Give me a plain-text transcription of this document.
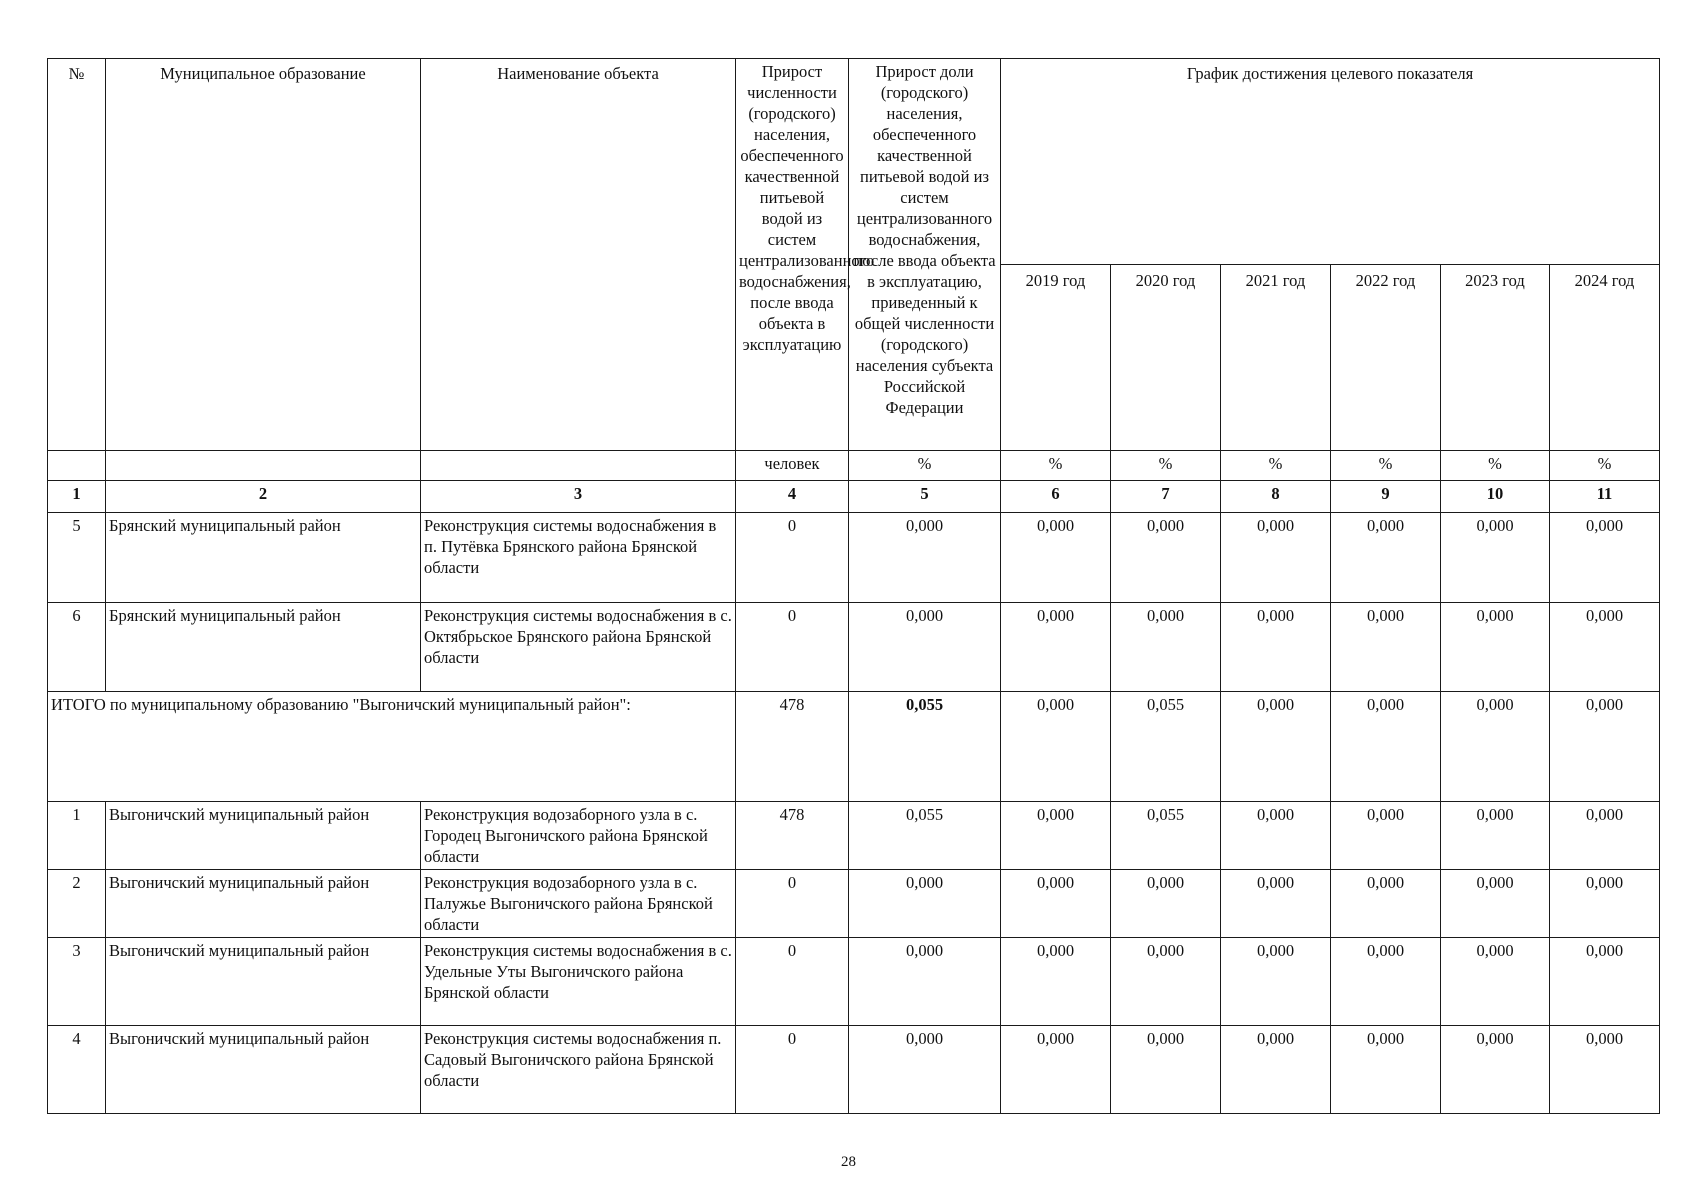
№	Муниципальное образование	Наименование объекта	Прирост численности (городского) населения, обеспеченного качественной питьевой водой из систем централизованного водоснабжения, после ввода объекта в эксплуатацию	Прирост доли (городского) населения, обеспеченного качественной питьевой водой из систем централизованного водоснабжения, после ввода объекта в эксплуатацию, приведенный к общей численности (городского) населения субъекта Российской Федерации	График достижения целевого показателя					
					2019 год	2020 год	2021 год	2022 год	2023 год	2024 год
			человек	%	%	%	%	%	%	%
1	2	3	4	5	6	7	8	9	10	11
5	Брянский муниципальный район	Реконструкция системы водоснабжения в п. Путёвка Брянского района Брянской области	0	0,000	0,000	0,000	0,000	0,000	0,000	0,000
6	Брянский муниципальный район	Реконструкция системы водоснабжения в с. Октябрьское Брянского района Брянской области	0	0,000	0,000	0,000	0,000	0,000	0,000	0,000
ИТОГО по муниципальному образованию "Выгоничский муниципальный район":			478	0,055	0,000	0,055	0,000	0,000	0,000	0,000
1	Выгоничский муниципальный район	Реконструкция водозаборного узла в с. Городец Выгоничского района Брянской области	478	0,055	0,000	0,055	0,000	0,000	0,000	0,000
2	Выгоничский муниципальный район	Реконструкция водозаборного узла в с. Палужье Выгоничского района Брянской области	0	0,000	0,000	0,000	0,000	0,000	0,000	0,000
3	Выгоничский муниципальный район	Реконструкция системы водоснабжения в с. Удельные Уты Выгоничского района Брянской области	0	0,000	0,000	0,000	0,000	0,000	0,000	0,000
4	Выгоничский муниципальный район	Реконструкция системы водоснабжения п. Садовый Выгоничского района Брянской области	0	0,000	0,000	0,000	0,000	0,000	0,000	0,000
28
